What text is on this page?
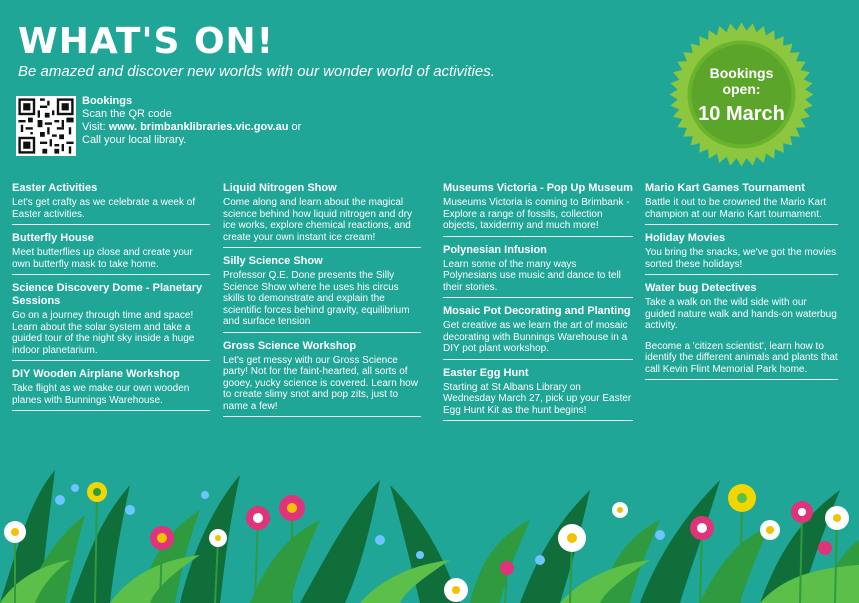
WHAT'S ON!
Be amazed and discover new worlds with our wonder world of activities.
Bookings
Scan the QR code
Visit: www. brimbanklibraries.vic.gov.au or
Call your local library.
Bookings
open:
10 March
Easter Activities

Let's get crafty as we celebrate a week of Easter activities.

Butterfly House

Meet butterflies up close and create your own butterfly mask to take home.

Science Discovery Dome - Planetary Sessions

Go on a journey through time and space! Learn about the solar system and take a guided tour of the night sky inside a huge indoor planetarium.

DIY Wooden Airplane Workshop

Take flight as we make our own wooden planes with Bunnings Warehouse.

Liquid Nitrogen Show

Come along and learn about the magical science behind how liquid nitrogen and dry ice works, explore chemical reactions, and create your own instant ice cream!

Silly Science Show

Professor Q.E. Done presents the Silly Science Show where he uses his circus skills to demonstrate and explain the scientific forces behind gravity, equilibrium and surface tension

Gross Science Workshop

Let's get messy with our Gross Science party! Not for the faint-hearted, all sorts of gooey, yucky science is covered. Learn how to create slimy snot and pop zits, just to name a few!

Museums Victoria - Pop Up Museum

Museums Victoria is coming to Brimbank - Explore a range of fossils, collection objects, taxidermy and much more!

Polynesian Infusion

Learn some of the many ways Polynesians use music and dance to tell their stories.

Mosaic Pot Decorating and Planting

Get creative as we learn the art of mosaic decorating with Bunnings Warehouse in a DIY pot plant workshop.

Easter Egg Hunt

Starting at St Albans Library on Wednesday March 27, pick up your Easter Egg Hunt Kit as the hunt begins!

Mario Kart Games Tournament

Battle it out to be crowned the Mario Kart champion at our Mario Kart tournament.

Holiday Movies

You bring the snacks, we've got the movies sorted these holidays!

Water bug Detectives

Take a walk on the wild side with our guided nature walk and hands-on waterbug activity.

Become a 'citizen scientist', learn how to identify the different animals and plants that call Kevin Flint Memorial Park home.
